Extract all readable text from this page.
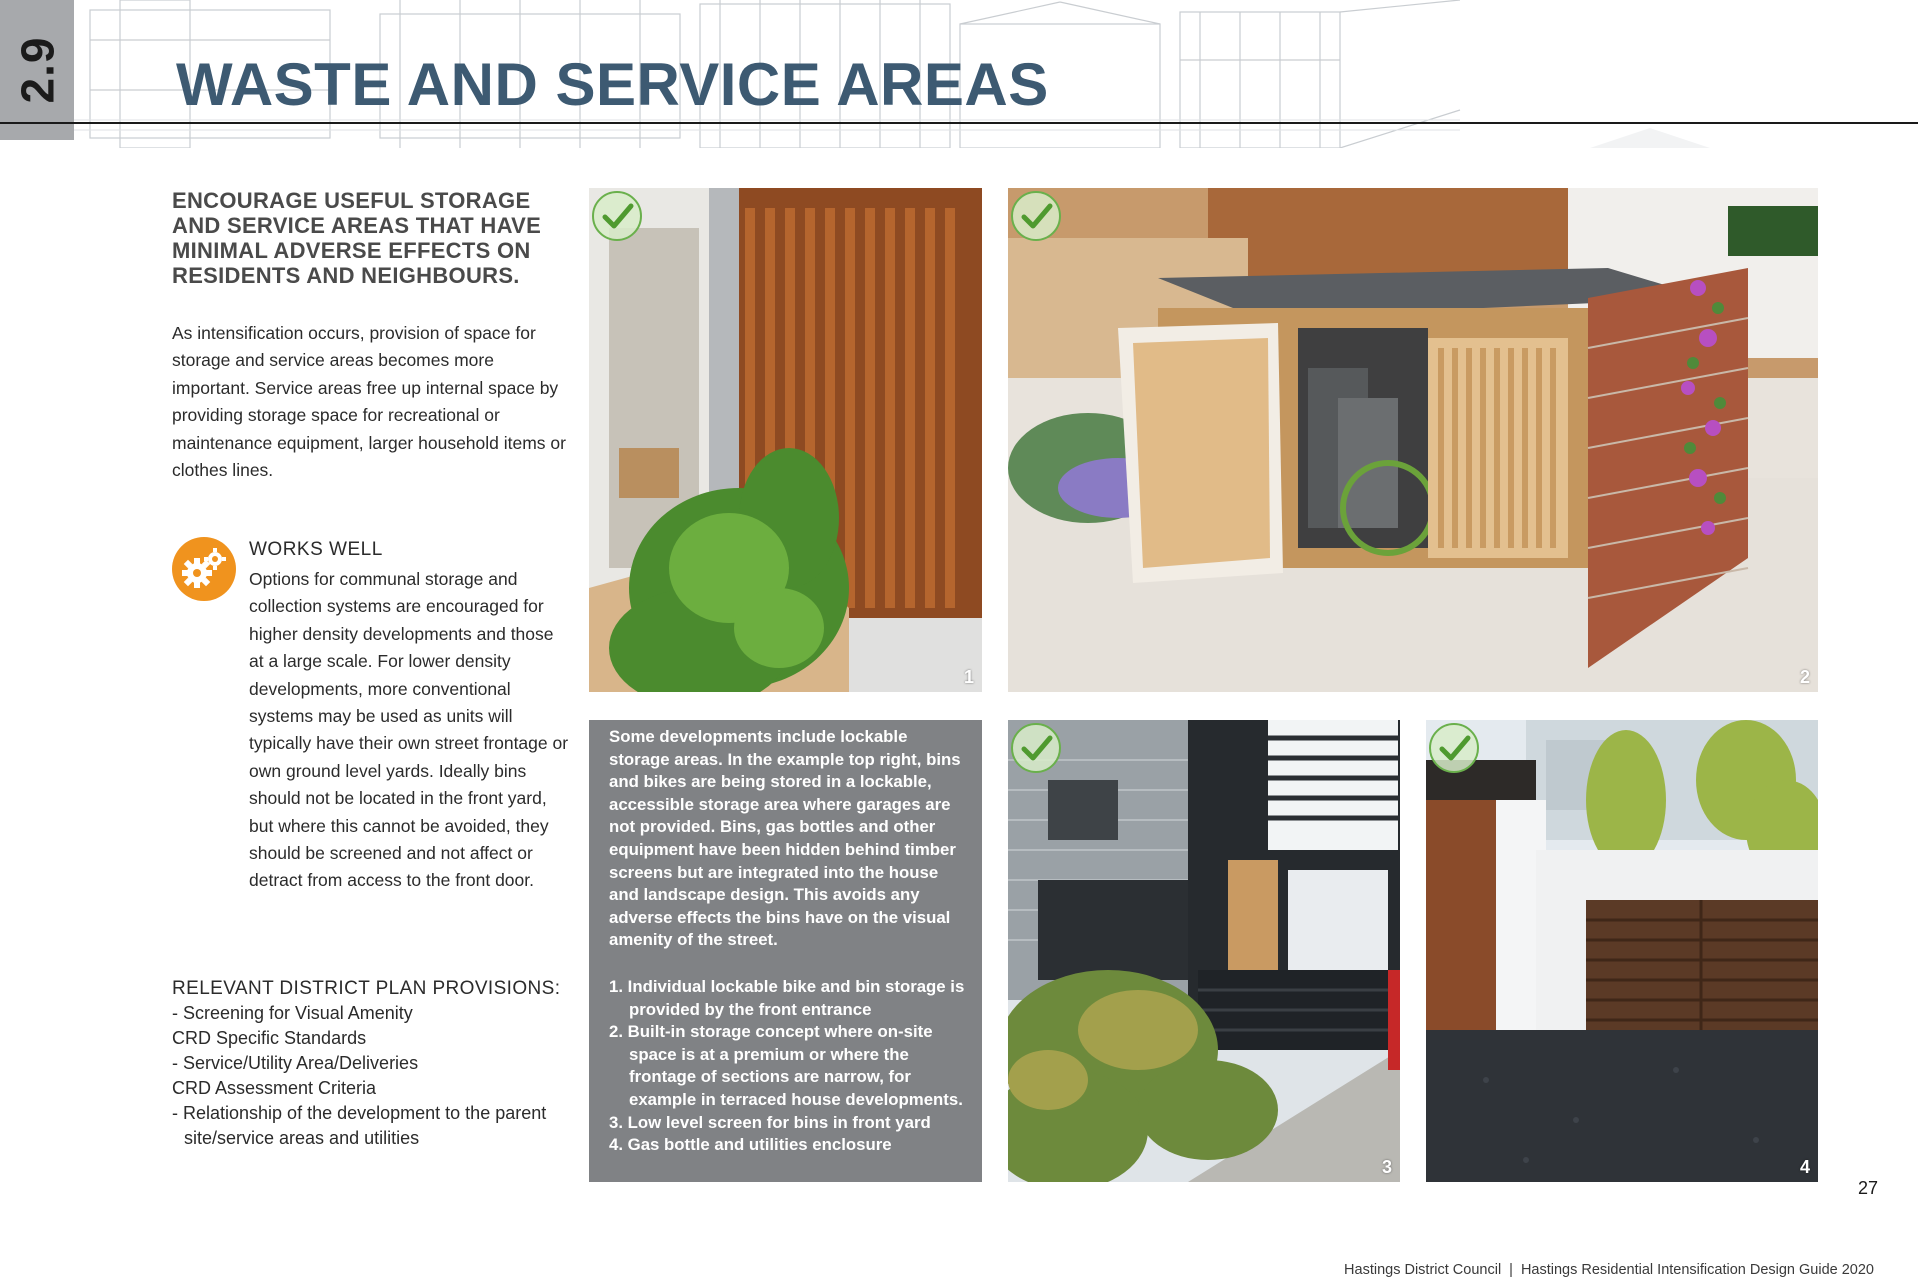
2.9 WASTE AND SERVICE AREAS

ENCOURAGE USEFUL STORAGE AND SERVICE AREAS THAT HAVE MINIMAL ADVERSE EFFECTS ON RESIDENTS AND NEIGHBOURS.

As intensification occurs, provision of space for storage and service areas becomes more important. Service areas free up internal space by providing storage space for recreational or maintenance equipment, larger household items or clothes lines.
WORKS WELL
Options for communal storage and collection systems are encouraged for higher density developments and those at a large scale. For lower density developments, more conventional systems may be used as units will typically have their own street frontage or own ground level yards. Ideally bins should not be located in the front yard, but where this cannot be avoided, they should be screened and not affect or detract from access to the front door.
RELEVANT DISTRICT PLAN PROVISIONS:
- Screening for Visual Amenity
CRD Specific Standards
- Service/Utility Area/Deliveries
CRD Assessment Criteria
- Relationship of the development to the parent
site/service areas and utilities
1	2
Some developments include lockable storage areas. In the example top right, bins and bikes are being stored in a lockable, accessible storage area where garages are not provided. Bins, gas bottles and other equipment have been hidden behind timber screens but are integrated into the house and landscape design. This avoids any adverse effects the bins have on the visual amenity of the street.
1. Individual lockable bike and bin storage is provided by the front entrance
2. Built-in storage concept where on-site space is at a premium or where the frontage of sections are narrow, for example in terraced house developments.
3. Low level screen for bins in front yard
4. Gas bottle and utilities enclosure
3	4
27
Hastings District Council | Hastings Residential Intensification Design Guide 2020
